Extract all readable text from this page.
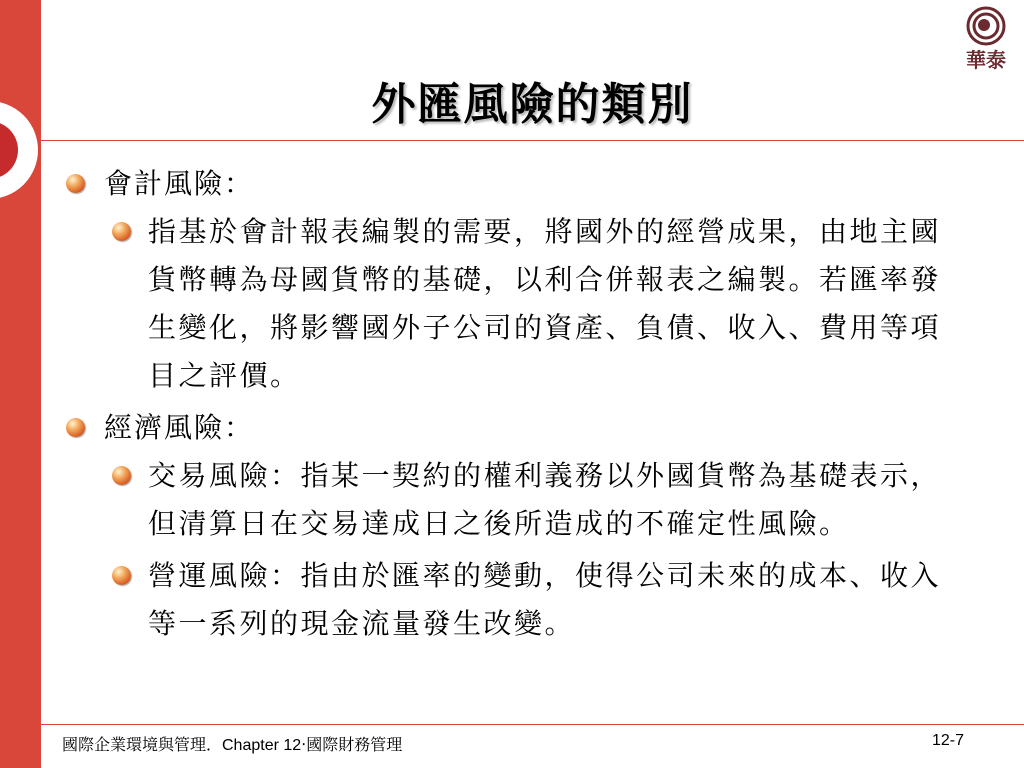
華泰
外匯風險的類別
會計風險：
指基於會計報表編製的需要，將國外的經營成果，由地主國貨幣轉為母國貨幣的基礎，以利合併報表之編製。若匯率發生變化，將影響國外子公司的資產、負債、收入、費用等項目之評價。
經濟風險：
交易風險：指某一契約的權利義務以外國貨幣為基礎表示，但清算日在交易達成日之後所造成的不確定性風險。
營運風險：指由於匯率的變動，使得公司未來的成本、收入等一系列的現金流量發生改變。
國際企業環境與管理．Chapter 12‧國際財務管理	12-7
